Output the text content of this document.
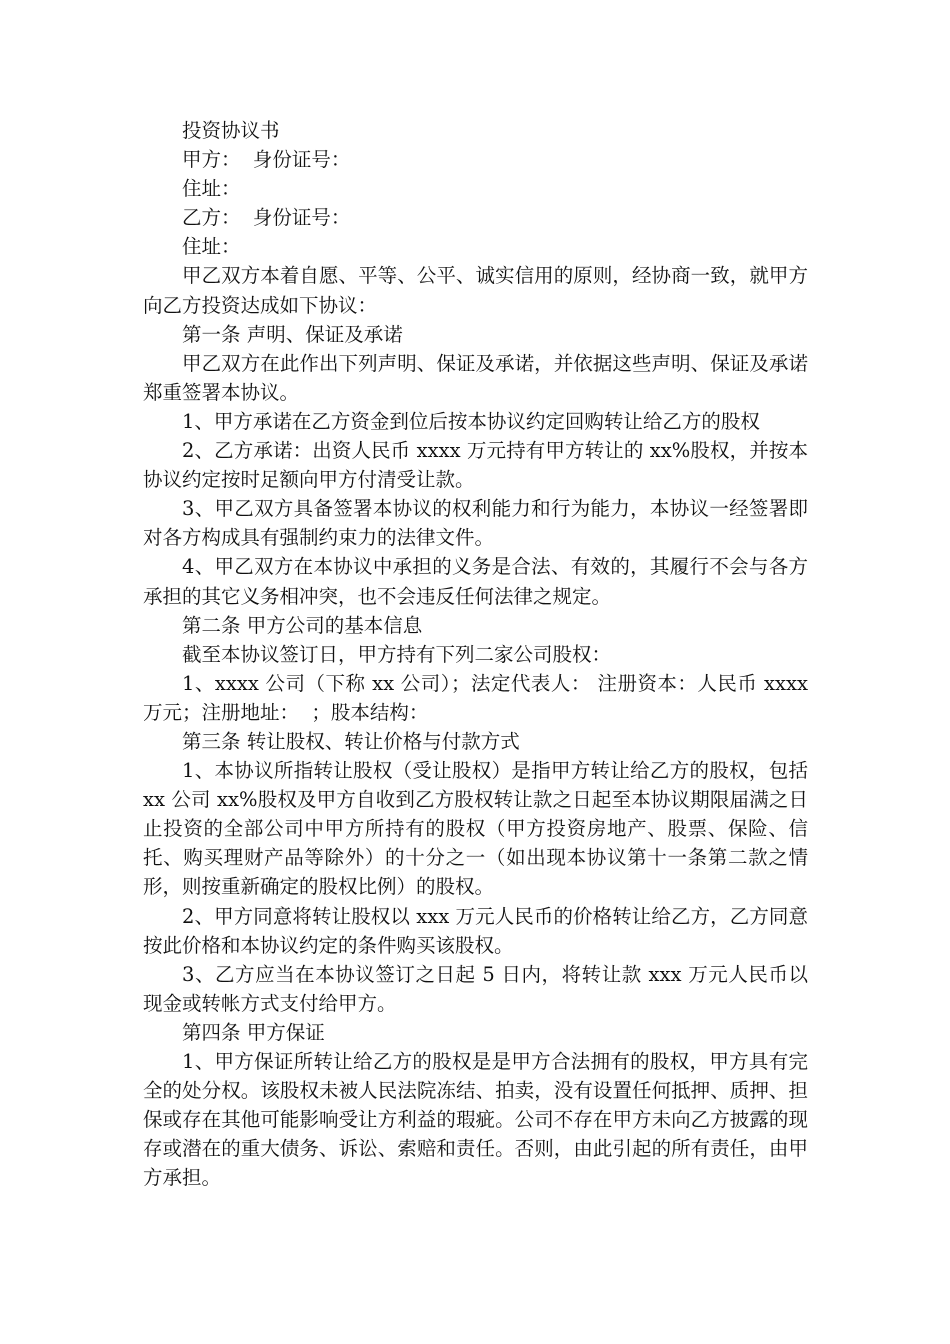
投资协议书

甲方：  身份证号：

住址：

乙方：  身份证号：

住址：

甲乙双方本着自愿、平等、公平、诚实信用的原则，经协商一致，就甲方向乙方投资达成如下协议：

第一条 声明、保证及承诺

甲乙双方在此作出下列声明、保证及承诺，并依据这些声明、保证及承诺郑重签署本协议。

1、甲方承诺在乙方资金到位后按本协议约定回购转让给乙方的股权

2、乙方承诺：出资人民币 xxxx 万元持有甲方转让的 xx%股权，并按本协议约定按时足额向甲方付清受让款。

3、甲乙双方具备签署本协议的权利能力和行为能力，本协议一经签署即对各方构成具有强制约束力的法律文件。

4、甲乙双方在本协议中承担的义务是合法、有效的，其履行不会与各方承担的其它义务相冲突，也不会违反任何法律之规定。

第二条 甲方公司的基本信息

截至本协议签订日，甲方持有下列二家公司股权：

1、xxxx 公司（下称 xx 公司）；法定代表人： 注册资本：人民币 xxxx 万元；注册地址：  ；股本结构：

第三条 转让股权、转让价格与付款方式

1、本协议所指转让股权（受让股权）是指甲方转让给乙方的股权，包括 xx 公司 xx%股权及甲方自收到乙方股权转让款之日起至本协议期限届满之日止投资的全部公司中甲方所持有的股权（甲方投资房地产、股票、保险、信托、购买理财产品等除外）的十分之一（如出现本协议第十一条第二款之情形，则按重新确定的股权比例）的股权。

2、甲方同意将转让股权以 xxx 万元人民币的价格转让给乙方，乙方同意按此价格和本协议约定的条件购买该股权。

3、乙方应当在本协议签订之日起 5 日内，将转让款 xxx 万元人民币以现金或转帐方式支付给甲方。

第四条 甲方保证

1、甲方保证所转让给乙方的股权是是甲方合法拥有的股权，甲方具有完全的处分权。该股权未被人民法院冻结、拍卖，没有设置任何抵押、质押、担保或存在其他可能影响受让方利益的瑕疵。公司不存在甲方未向乙方披露的现存或潜在的重大债务、诉讼、索赔和责任。否则，由此引起的所有责任，由甲方承担。
